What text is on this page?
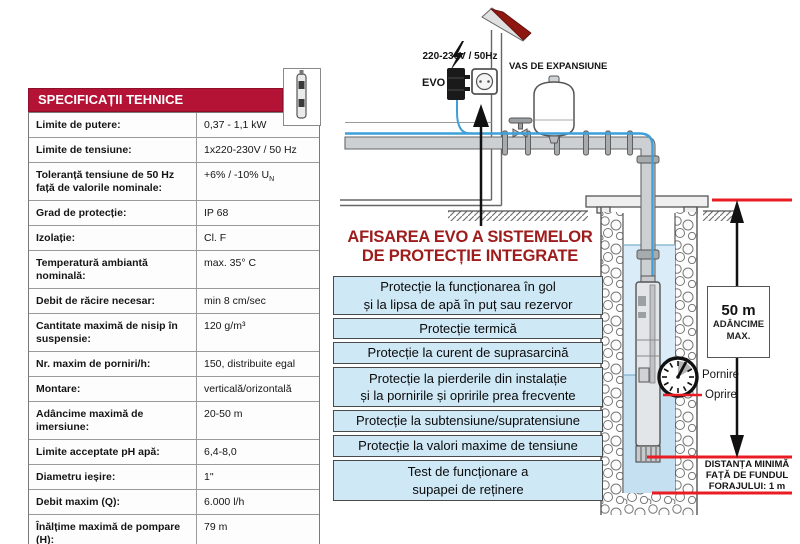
SPECIFICAȚII TEHNICE
Limite de putere:	0,37 - 1,1 kW
Limite de tensiune:	1x220-230V / 50 Hz
Toleranță tensiune de 50 Hz față de valorile nominale:
+6% / -10% $U_N$
Grad de protecție:	IP 68
Izolație:	Cl. F
Temperatură ambiantă nominală:
max. 35° C
Debit de răcire necesar:	min 8 cm/sec
Cantitate maximă de nisip în suspensie:
120 g/m³
Nr. maxim de porniri/h:	150, distribuite egal
Montare:	verticală/orizontală
Adâncime maximă de imersiune:
20-50 m
Limite acceptate pH apă:	6,4-8,0
Diametru ieșire:	1"
Debit maxim (Q):	6.000 l/h
Înălțime maximă de pompare (H):
79 m
AFISAREA EVO A SISTEMELOR
DE PROTECȚIE INTEGRATE
Protecție la funcționarea în gol
și la lipsa de apă în puț sau rezervor
Protecție termică
Protecție la curent de suprasarcină
Protecție la pierderile din instalație
și la pornirile și opririle prea frecvente
Protecție la subtensiune/supratensiune
Protecție la valori maxime de tensiune
Test de funcționare a
supapei de reținere
220-230V / 50Hz
EVO
VAS DE EXPANSIUNE
50 m
ADÂNCIME
MAX.
Pornire
Oprire
DISTANȚA MINIMĂ
FAȚĂ DE FUNDUL
FORAJULUI: 1 m
